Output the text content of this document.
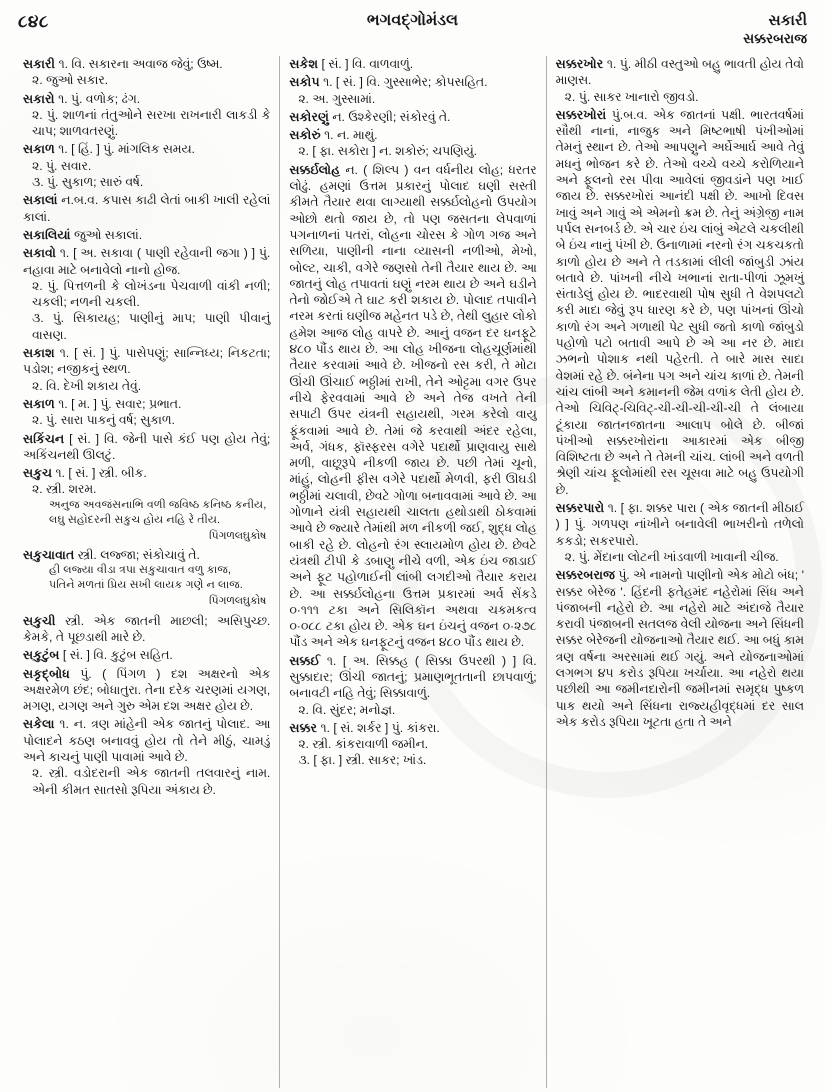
૮૪૮	ભગવદ્ગોમંડલ	સકારી
સક્કરબરાજ

સકારી ૧. વિ. સકારના અવાજ જેવું; ઉષ્મ.

૨. જુઓ સકાર.

સકારો ૧. પું. વળોક; ઢંગ.

૨. પું. શાળનાં તંતુઓને સરખા રાખનારી લાકડી કે ચાપ; શાળવતરણું.

સકાળ ૧. [ હિં. ] પું. માંગલિક સમય.

૨. પું. સવાર.

૩. પું. સુકાળ; સારું વર્ષ.

સકાલાં ન.બ.વ. કપાસ કાઢી લેતાં બાકી ખાલી રહેલાં કાલાં.

સકાલિયાં જુઓ સકાલાં.

સકાવો ૧. [ અ. સકાવા ( પાણી રહેવાની જગા ) ] પું. નહાવા માટે બનાવેલો નાનો હોજ.

૨. પું. પિત્તળની કે લોખંડના પેચવાળી વાંકી નળી; ચકલી; નળની ચકલી.

૩. પું. સિકાયહ; પાણીનું માપ; પાણી પીવાનું વાસણ.

સકાશ ૧. [ સં. ] પું. પાસેપણું; સાન્નિધ્ય; નિકટતા; પડોશ; નજીકનું સ્થળ.

૨. વિ. દેખી શકાય તેવું.

સકાળ ૧. [ મ. ] પું. સવાર; પ્રભાત.

૨. પું. સારા પાકનું વર્ષ; સુકાળ.

સકિંચન [ સં. ] વિ. જેની પાસે કંઈ પણ હોય તેવું; અકિંચનથી ઊલટું.

સકુચ ૧. [ સં. ] સ્ત્રી. બીક.

૨. સ્ત્રી. શરમ.

અનુજ અવજંસનાભિ વળી જવિષ્ઠ કનિષ્ઠ કનીય,

લઘુ સહોદરની સકુચ હોય નહિ રે તીય.

પિંગળલઘુકોષ

સકુચાવાત સ્ત્રી. લજ્જા; સંકોચાવું તે.

હી લજ્યા વીડા ત્રપા સકુચાવાત વળુ કાજ,

પતિને મળતાં પ્રિય સખી લાયક ગણે ન લાજ.

પિંગળલઘુકોષ

સકુચી સ્ત્રી. એક જાતની માછલી; અસિપુચ્છ. કેમકે, તે પૂછડાથી મારે છે.

સકુટુંબ [ સં. ] વિ. કુટુંબ સહિત.

સકૃદ્‌બોધ પું. ( પિંગળ ) દશ અક્ષરનો એક અક્ષરમેળ છંદ; બોધાતુરા. તેના દરેક ચરણમાં યગણ, મગણ, યગણ અને ગુરુ એમ દશ અક્ષર હોય છે.

સકેલા ૧. ન. ત્રણ માંહેની એક જાતનું પોલાદ. આ પોલાદને કઠણ બનાવવું હોય તો તેને મીઠું, ચામડું અને કાચનું પાણી પાવામાં આવે છે.

૨. સ્ત્રી. વડોદરાની એક જાતની તલવારનું નામ. એની કીમત સાતસો રૂપિયા અંકાય છે.

સકેશ [ સં. ] વિ. વાળવાળું.

સકોપ ૧. [ સં. ] વિ. ગુસ્સાભેર; કોપસહિત.

૨. અ. ગુસ્સામાં.

સકોરણું ન. ઉશ્કેરણી; સંકોરવું તે.

સકોરું ૧. ન. માથું.

૨. [ ફા. સકોરા ] ન. શકોરું; ચપણિયું.

સક્કર્ઇલોહ ન. ( શિલ્પ ) વન વર્ધનીય લોહ; ધરતર લોઢું. હમણાં ઉત્તમ પ્રકારનું પોલાદ ઘણી સસ્તી કીમતે તૈયાર થવા લાગ્યાથી સક્કર્ઇલોહનો ઉપયોગ ઓછો થતો જાય છે, તો પણ જસતના લેપવાળાં પગનાળનાં પતરાં, લોહના ચોરસ કે ગોળ ગજ અને સળિયા, પાણીની નાના વ્યાસની નળીઓ, મેખો, બોલ્ટ, ચાકી, વગેરે જણસો તેની તૈયાર થાય છે. આ જાતનું લોહ તપાવતાં ઘણું નરમ થાય છે અને ઘડીને તેનો જોઈએ તે ઘાટ કરી શકાય છે. પોલાદ તપાવીને નરમ કરતાં ઘણીજ મહેનત પડે છે, તેથી લુહાર લોકો હમેશ આજ લોહ વાપરે છે. આનું વજન દર ઘનફૂટે ૪૮૦ પૌંડ થાય છે. આ લોહ ખીજના લોહચૂર્ણમાંથી તૈયાર કરવામાં આવે છે. ખીજનો રસ કરી, તે મોટા ઊંચી ઊંચાઈ ભઠ્ઠીમાં રાખી, તેને ઓટ્ટમા વગર ઉપર નીચે ફેરવવામાં આવે છે અને તેજ વખતે તેની સપાટી ઉપર યંત્રની સહાયથી, ગરમ કરેલો વાયુ ફૂંકવામાં આવે છે. તેમાં જે કરવાથી અંદર રહેલા, અર્વ, ગંધક, ફૉસ્ફરસ વગેરે પદાર્થો પ્રાણવાયુ સાથે મળી, વાછૂરૂપે નીકળી જાય છે. પછી તેમાં ચૂનો, માંહું, લોહની ફીસ વગેરે પદાર્થો મેળવી, ફરી ઊઘડી ભઠ્ઠીમાં ચલાવી, છેવટે ગોળા બનાવવામાં આવે છે. આ ગોળાને યંત્રી સહાયથી ચાલતા હથોડાથી ઠોકવામાં આવે છે જ્યારે તેમાંથી મળ નીકળી જઈ, શુદ્ધ લોહ બાકી રહે છે. લોહનો રંગ સ્લાયમોળ હોય છે. છેવટે યંત્રથી ટીપી કે ડબાણુ નીચે વળી, એક ઇંચ જાડાઈ અને ફૂટ પહોળાઈની લાંબી લગદીઓ તૈયાર કરાય છે. આ સક્કર્ઇલોહના ઉત્તમ પ્રકારમાં અર્વ સેંકડે ૦·૧૧૧ ટકા અને સિલિકૉન અથવા ચકમકત્વ ૦·૦૮૮ ટકા હોય છે. એક ઘન ઇંચનું વજન ૦·૨૭૮ પૌંડ અને એક ઘનફૂટનું વજન ૪૮૦ પૌંડ થાય છે.

સક્કઈ ૧. [ અ. સિક્કહ ( સિક્કા ઉપરથી ) ] વિ. સુક્કાદાર; ઊંચી જાતનું; પ્રમાણભૂતતાની છાપવાળું; બનાવટી નહિ તેવું; સિક્કાવાળું.

૨. વિ. સુંદર; મનોજ્ઞ.

સક્કર ૧. [ સં. શર્કર ] પું. કાંકરા.

૨. સ્ત્રી. કાંકરાવાળી જમીન.

૩. [ ફા. ] સ્ત્રી. સાકર; ખાંડ.

સક્કરખોર ૧. પું. મીઠી વસ્તુઓ બહુ ભાવતી હોય તેવો માણસ.

૨. પું. સાકર ખાનારો જીવડો.

સક્કરખોરાં પું.બ.વ. એક જાતનાં પક્ષી. ભારતવર્ષમાં સૌથી નાનાં, નાજુક અને મિષ્ટભાષી પંખીઓમાં તેમનું સ્થાન છે. તેઓ આપણુને અર્ઘેઆર્ઘ આવે તેવું મધનું ભોજન કરે છે. તેઓ વચ્ચે વચ્ચે કરોળિયાને અને ફૂલનો રસ પીવા આવેલાં જીવડાંને પણ ખાઈ જાય છે. સક્કરખોરાં આનંદી પક્ષી છે. આખો દિવસ ખાવું અને ગાવું એ એમનો ક્રમ છે. તેનું અંગ્રેજી નામ પર્પલ સનબર્ડ છે. એ ચાર ઇંચ લાંબું એટલે ચકલીથી બે ઇંચ નાનું પંખી છે. ઉનાળામાં નરનો રંગ ચકચકતો કાળો હોય છે અને તે તડકામાં લીલી જાંબુડી ઝાંય બતાવે છે. પાંખની નીચે ખભાનાં રાતા-પીળાં ઝૂમખું સંતાડેલું હોય છે. ભાદરવાથી પોષ સુધી તે વેશપલટો કરી માદા જેવું રૂપ ધારણ કરે છે, પણ પાંખનાં ઊંચો કાળો રંગ અને ગળાથી પેટ સુધી જતો કાળો જાંબુડો પહોળો પટો બતાવી આપે છે એ આ નર છે. માદા ઝભનો પોશાક નથી પહેરતી. તે બારે માસ સાદા વેશમાં રહે છે. બંનેના પગ અને ચાંચ કાળાં છે. તેમની ચાંચ લાંબી અને કમાનની જેમ વળાંક લેતી હોય છે. તેઓ ચિવિટ્-ચિવિટ્-ચી-ચી-ચી-ચી-ચી તે લંબાયા ટૂંકાયા જાતનજાતના આલાપ બોલે છે. બીજાં પંખીઓ સક્કરખોરાંના આકારમાં એક બીજી વિશિષ્ટતા છે અને તે તેમની ચાંચ. લાંબી અને વળતી શ્રેણી ચાંચ ફૂલોમાંથી રસ ચૂસવા માટે બહુ ઉપયોગી છે.

સક્કરપારો ૧. [ ફા. શક્કર પારા ( એક જાતની મીઠાઈ ) ] પું. ગળપણ નાંખીને બનાવેલી ભાખરીનો તળેલો કકડો; સકરપારો.

૨. પું. મેંદાના લોટની ખાંડવાળી ખાવાની ચીજ.

સક્કરબરાજ પું. એ નામનો પાણીનો એક મોટો બંધ; ' સક્કર બેરેજ '. હિંદની ફતેહમંદ નહેરોમાં સિંધ અને પંજાબની નહેરો છે. આ નહેરો માટે અંદાજે તૈયાર કરાવી પંજાબની સતલજ વેલી યોજના અને સિંધની સક્કર બેરેજની યોજનાઓ તૈયાર થઈ. આ બધું કામ ત્રણ વર્ષના અરસામાં થઈ ગયું. અને યોજનાઓમાં લગભગ ૪૫ કરોડ રૂપિયા ખર્ચાયા. આ નહેરો થયા પછીથી આ જમીનદારોની જમીનમાં સમૃદ્ધ પુષ્કળ પાક થયો અને સિંધના રાજ્યહીવૃદ્ધમાં દર સાલ એક કરોડ રૂપિયા ખૂટતા હતા તે અને
